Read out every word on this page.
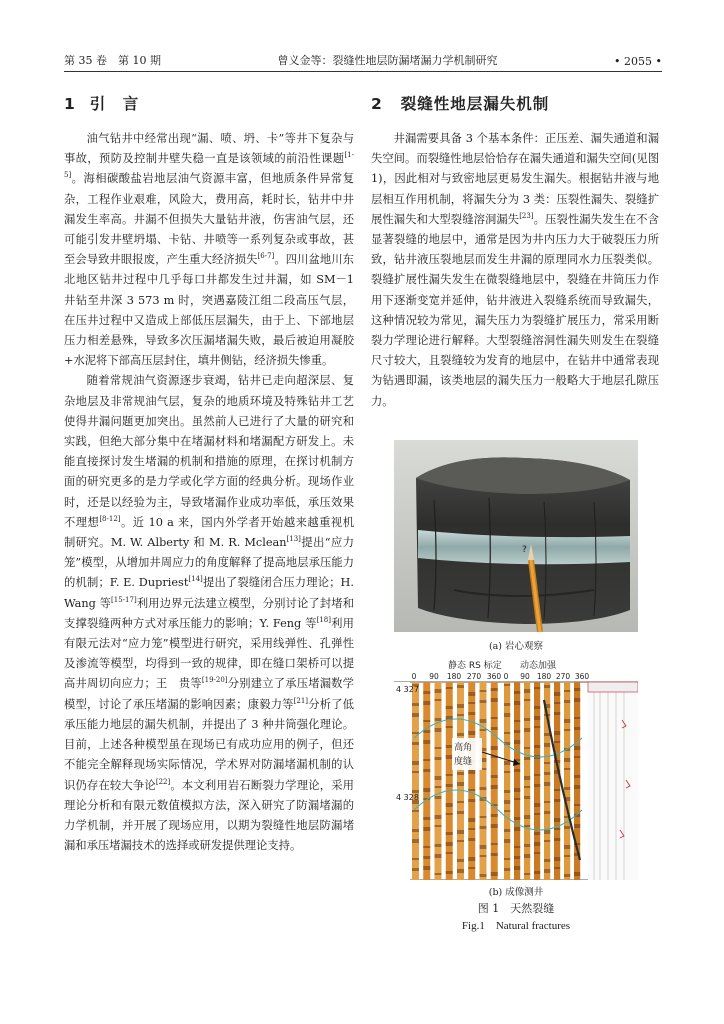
第 35 卷　第 10 期	曾义金等：裂缝性地层防漏堵漏力学机制研究	• 2055 •
1 引　言

油气钻井中经常出现“漏、喷、坍、卡”等井下复杂与事故，预防及控制井壁失稳一直是该领域的前沿性课题[1-5]。海相碳酸盐岩地层油气资源丰富，但地质条件异常复杂，工程作业艰难，风险大，费用高，耗时长，钻井中井漏发生率高。井漏不但损失大量钻井液，伤害油气层，还可能引发井壁坍塌、卡钻、井喷等一系列复杂或事故，甚至会导致井眼报废，产生重大经济损失[6-7]。四川盆地川东北地区钻井过程中几乎每口井都发生过井漏，如 SM－1 井钻至井深 3 573 m 时，突遇嘉陵江组二段高压气层，在压井过程中又造成上部低压层漏失，由于上、下部地层压力相差悬殊，导致多次压漏堵漏失败，最后被迫用凝胶+水泥将下部高压层封住，填井侧钻，经济损失惨重。

随着常规油气资源逐步衰竭，钻井已走向超深层、复杂地层及非常规油气层，复杂的地质环境及特殊钻井工艺使得井漏问题更加突出。虽然前人已进行了大量的研究和实践，但绝大部分集中在堵漏材料和堵漏配方研发上。未能直接探讨发生堵漏的机制和措施的原理，在探讨机制方面的研究更多的是力学或化学方面的经典分析。现场作业时，还是以经验为主，导致堵漏作业成功率低，承压效果不理想[8-12]。近 10 a 来，国内外学者开始越来越重视机制研究。M. W. Alberty 和 M. R. Mclean[13]提出“应力笼”模型，从增加井周应力的角度解释了提高地层承压能力的机制；F. E. Dupriest[14]提出了裂缝闭合压力理论；H. Wang 等[15-17]利用边界元法建立模型，分别讨论了封堵和支撑裂缝两种方式对承压能力的影响；Y. Feng 等[18]利用有限元法对“应力笼”模型进行研究，采用线弹性、孔弹性及渗流等模型，均得到一致的规律，即在缝口架桥可以提高井周切向应力；王　贵等[19-20]分别建立了承压堵漏数学模型，讨论了承压堵漏的影响因素；康毅力等[21]分析了低承压能力地层的漏失机制，并提出了 3 种井筒强化理论。目前，上述各种模型虽在现场已有成功应用的例子，但还不能完全解释现场实际情况，学术界对防漏堵漏机制的认识仍存在较大争论[22]。本文利用岩石断裂力学理论，采用理论分析和有限元数值模拟方法，深入研究了防漏堵漏的力学机制，并开展了现场应用，以期为裂缝性地层防漏堵漏和承压堵漏技术的选择或研发提供理论支持。

2 裂缝性地层漏失机制

井漏需要具备 3 个基本条件：正压差、漏失通道和漏失空间。而裂缝性地层恰恰存在漏失通道和漏失空间(见图 1)，因此相对与致密地层更易发生漏失。根据钻井液与地层相互作用机制，将漏失分为 3 类：压裂性漏失、裂缝扩展性漏失和大型裂缝溶洞漏失[23]。压裂性漏失发生在不含显著裂缝的地层中，通常是因为井内压力大于破裂压力所致，钻井液压裂地层而发生井漏的原理同水力压裂类似。裂缝扩展性漏失发生在微裂缝地层中，裂缝在井筒压力作用下逐渐变宽并延伸，钻井液进入裂缝系统而导致漏失，这种情况较为常见，漏失压力为裂缝扩展压力，常采用断裂力学理论进行解释。大型裂缝溶洞性漏失则发生在裂缝尺寸较大，且裂缝较为发育的地层中，在钻井中通常表现为钻遇即漏，该类地层的漏失压力一般略大于地层孔隙压力。

?
(a) 岩心观察
静态 RS 标定 动态加强
0 90 180 270 360 0 90 180 270 360
4 327
4 328
高角
度缝
(b) 成像测井
图 1　天然裂缝
Fig.1　Natural fractures
